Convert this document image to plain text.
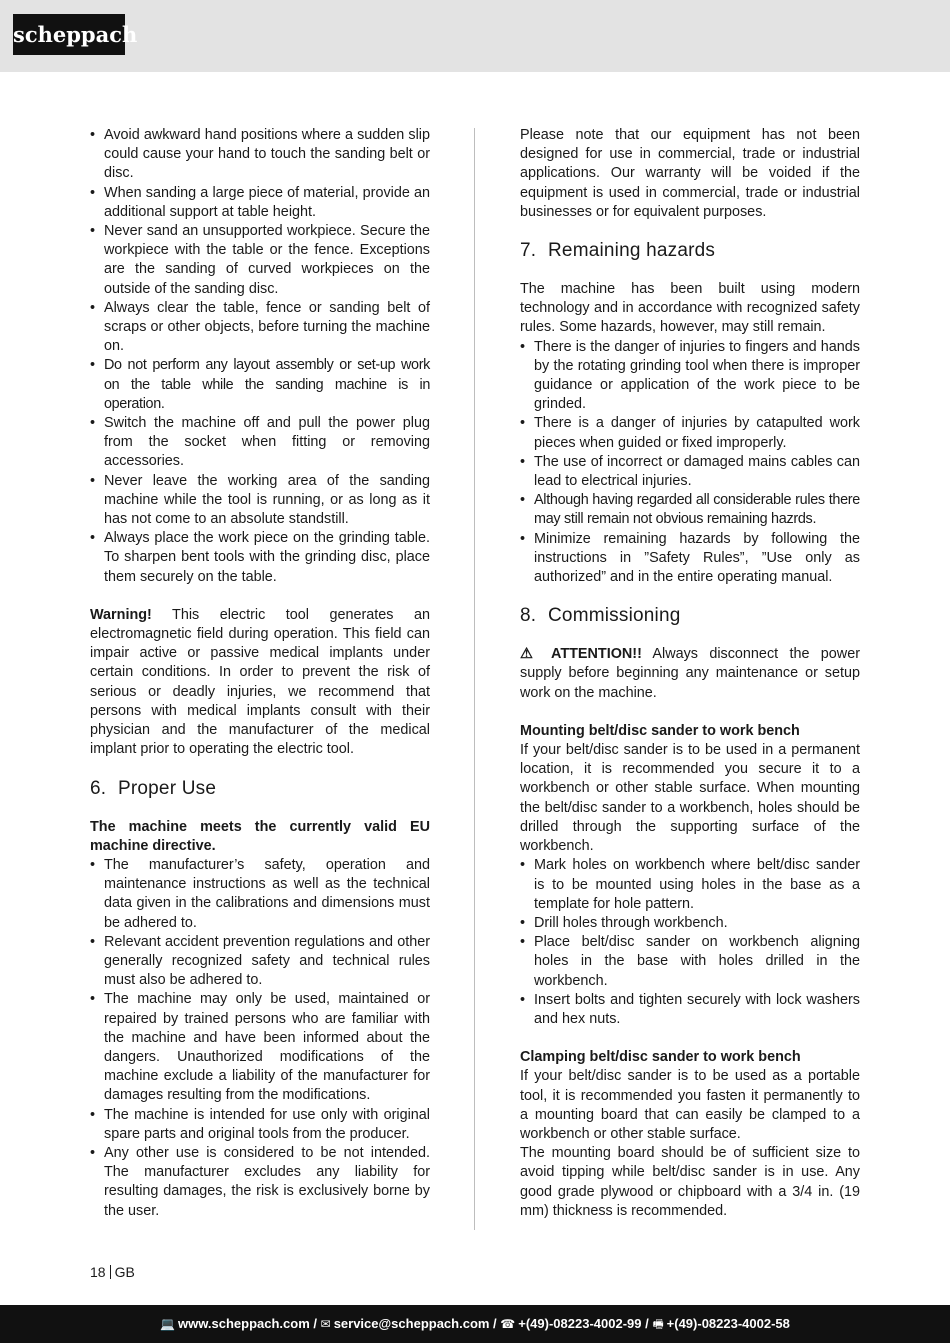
scheppach
• Avoid awkward hand positions where a sudden slip could cause your hand to touch the sanding belt or disc.
• When sanding a large piece of material, provide an additional support at table height.
• Never sand an unsupported workpiece. Secure the workpiece with the table or the fence. Exceptions are the sanding of curved workpieces on the outside of the sanding disc.
• Always clear the table, fence or sanding belt of scraps or other objects, before turning the machine on.
• Do not perform any layout assembly or set-up work on the table while the sanding machine is in operation.
• Switch the machine off and pull the power plug from the socket when fitting or removing accessories.
• Never leave the working area of the sanding machine while the tool is running, or as long as it has not come to an absolute standstill.
• Always place the work piece on the grinding table. To sharpen bent tools with the grinding disc, place them securely on the table.

Warning! This electric tool generates an electromagnetic field during operation. This field can impair active or passive medical implants under certain conditions. In order to prevent the risk of serious or deadly injuries, we recommend that persons with medical implants consult with their physician and the manufacturer of the medical implant prior to operating the electric tool.

6. Proper Use

The machine meets the currently valid EU machine directive.

• The manufacturer’s safety, operation and maintenance instructions as well as the technical data given in the calibrations and dimensions must be adhered to.
• Relevant accident prevention regulations and other generally recognized safety and technical rules must also be adhered to.
• The machine may only be used, maintained or repaired by trained persons who are familiar with the machine and have been informed about the dangers. Unauthorized modifications of the machine exclude a liability of the manufacturer for damages resulting from the modifications.
• The machine is intended for use only with original spare parts and original tools from the producer.
• Any other use is considered to be not intended. The manufacturer excludes any liability for resulting damages, the risk is exclusively borne by the user.

Please note that our equipment has not been designed for use in commercial, trade or industrial applications. Our warranty will be voided if the equipment is used in commercial, trade or industrial businesses or for equivalent purposes.

7. Remaining hazards

The machine has been built using modern technology and in accordance with recognized safety rules. Some hazards, however, may still remain.

• There is the danger of injuries to fingers and hands by the rotating grinding tool when there is improper guidance or application of the work piece to be grinded.
• There is a danger of injuries by catapulted work pieces when guided or fixed improperly.
• The use of incorrect or damaged mains cables can lead to electrical injuries.
• Although having regarded all considerable rules there may still remain not obvious remaining hazrds.
• Minimize remaining hazards by following the instructions in ”Safety Rules”, ”Use only as authorized” and in the entire operating manual.
8. Commissioning

⚠ ATTENTION!! Always disconnect the power supply before beginning any maintenance or setup work on the machine.

Mounting belt/disc sander to work bench

If your belt/disc sander is to be used in a permanent location, it is recommended you secure it to a workbench or other stable surface. When mounting the belt/disc sander to a workbench, holes should be drilled through the supporting surface of the workbench.

• Mark holes on workbench where belt/disc sander is to be mounted using holes in the base as a template for hole pattern.
• Drill holes through workbench.
• Place belt/disc sander on workbench aligning holes in the base with holes drilled in the workbench.
• Insert bolts and tighten securely with lock washers and hex nuts.

Clamping belt/disc sander to work bench

If your belt/disc sander is to be used as a portable tool, it is recommended you fasten it permanently to a mounting board that can easily be clamped to a workbench or other stable surface.

The mounting board should be of sufficient size to avoid tipping while belt/disc sander is in use. Any good grade plywood or chipboard with a 3/4 in. (19 mm) thickness is recommended.

18 GB
💻 www.scheppach.com / ✉ service@scheppach.com / ☎ +(49)-08223-4002-99 / 🖷 +(49)-08223-4002-58
